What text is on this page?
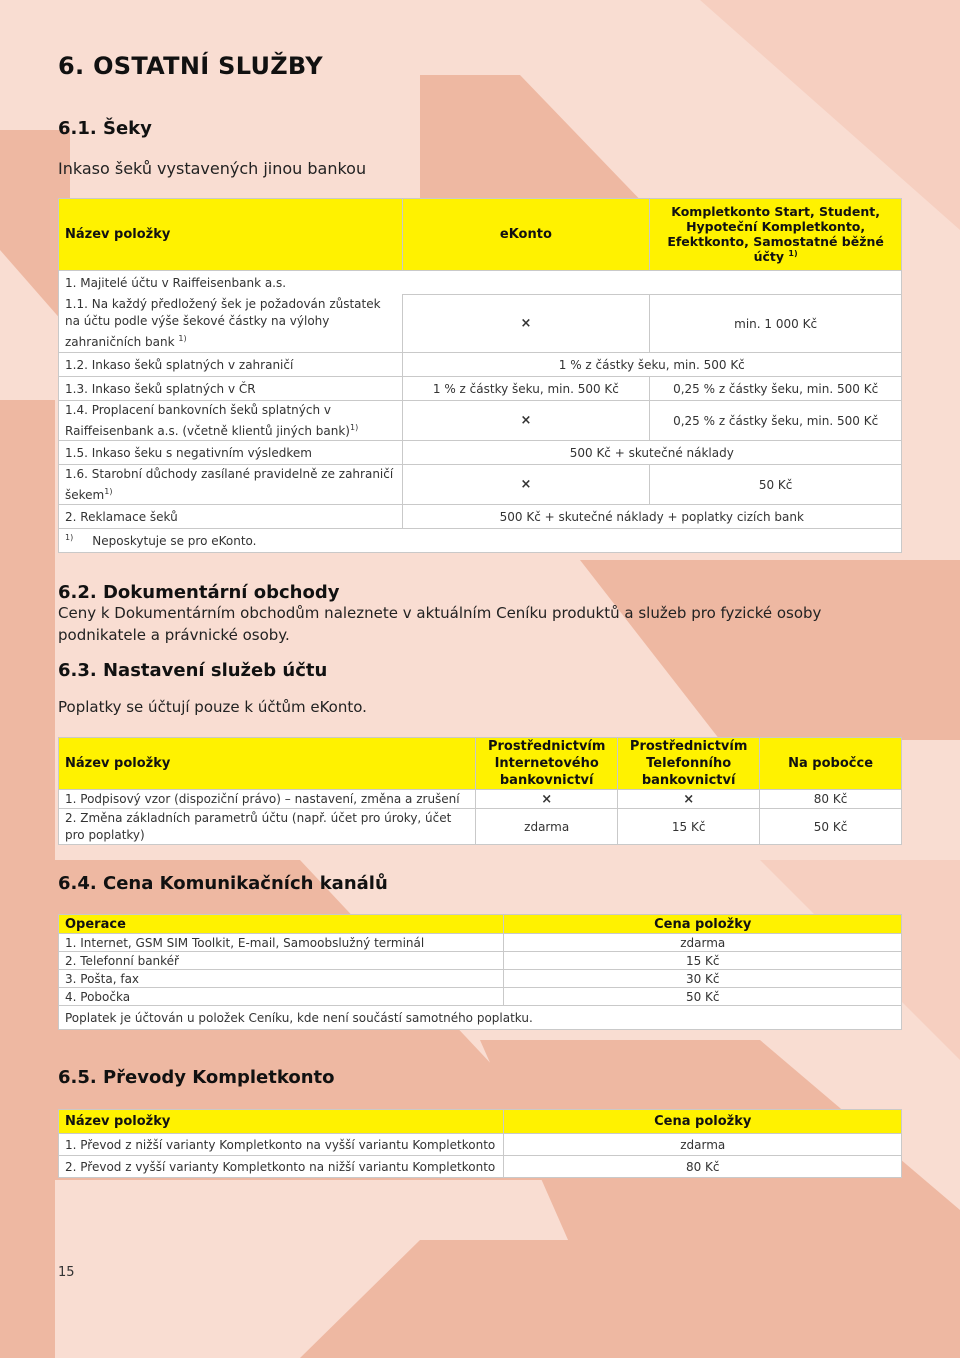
6. OSTATNÍ SLUŽBY
6.1. Šeky

Inkaso šeků vystavených jinou bankou

Název položky	eKonto	Kompletkonto Start, Student, Hypoteční Kompletkonto, Efektkonto, Samostatné běžné účty $^{1)}$
1. Majitelé účtu v Raiffeisenbank a.s.		
1.1. Na každý předložený šek je požadován zůstatek na účtu podle výše šekové částky na výlohy zahraničních bank $^{1)}$	×	min. 1 000 Kč
1.2. Inkaso šeků splatných v zahraničí	1 % z částky šeku, min. 500 Kč	
1.3. Inkaso šeků splatných v ČR	1 % z částky šeku, min. 500 Kč	0,25 % z částky šeku, min. 500 Kč
1.4. Proplacení bankovních šeků splatných v Raiffeisenbank a.s. (včetně klientů jiných bank)$^{1)}$	×	0,25 % z částky šeku, min. 500 Kč
1.5. Inkaso šeku s negativním výsledkem	500 Kč + skutečné náklady	
1.6. Starobní důchody zasílané pravidelně ze zahraničí šekem$^{1)}$	×	50 Kč
2. Reklamace šeků	500 Kč + skutečné náklady + poplatky cizích bank	
$^{1)}$ Neposkytuje se pro eKonto.		
6.2. Dokumentární obchody

Ceny k Dokumentárním obchodům naleznete v aktuálním Ceníku produktů a služeb pro fyzické osoby podnikatele a právnické osoby.

6.3. Nastavení služeb účtu

Poplatky se účtují pouze k účtům eKonto.

Název položky	Prostřednictvím Internetového bankovnictví	Prostřednictvím Telefonního bankovnictví	Na pobočce
1. Podpisový vzor (dispoziční právo) – nastavení, změna a zrušení	×	×	80 Kč
2. Změna základních parametrů účtu (např. účet pro úroky, účet pro poplatky)	zdarma	15 Kč	50 Kč
6.4. Cena Komunikačních kanálů
Operace	Cena položky
1. Internet, GSM SIM Toolkit, E-mail, Samoobslužný terminál	zdarma
2. Telefonní bankéř	15 Kč
3. Pošta, fax	30 Kč
4. Pobočka	50 Kč
Poplatek je účtován u položek Ceníku, kde není součástí samotného poplatku.	
6.5. Převody Kompletkonto
Název položky	Cena položky
1. Převod z nižší varianty Kompletkonto na vyšší variantu Kompletkonto	zdarma
2. Převod z vyšší varianty Kompletkonto na nižší variantu Kompletkonto	80 Kč
15
